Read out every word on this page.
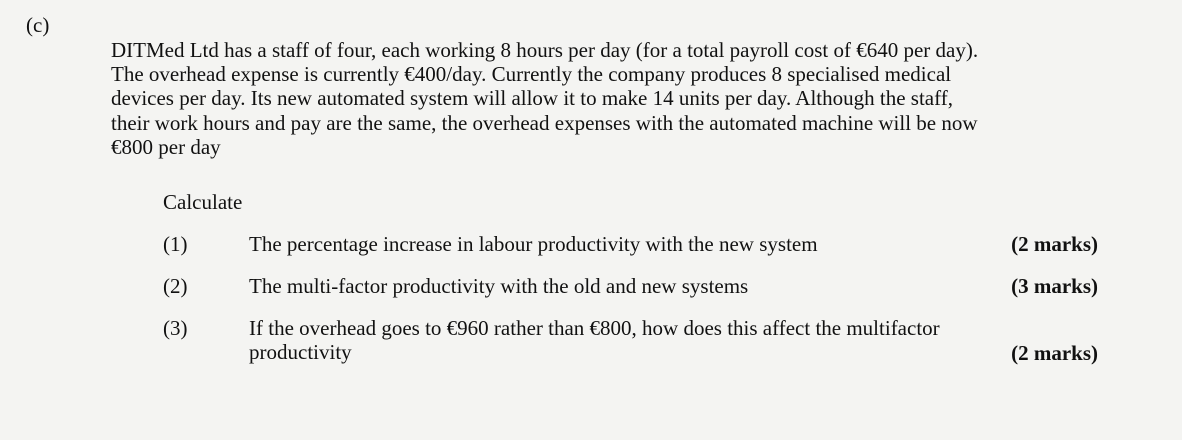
(c)
DITMed Ltd has a staff of four, each working 8 hours per day (for a total payroll cost of €640 per day).
The overhead expense is currently €400/day. Currently the company produces 8 specialised medical
devices per day. Its new automated system will allow it to make 14 units per day. Although the staff,
their work hours and pay are the same, the overhead expenses with the automated machine will be now
€800 per day
Calculate
(1)	The percentage increase in labour productivity with the new system	(2 marks)
(2)	The multi-factor productivity with the old and new systems	(3 marks)
(3)	If the overhead goes to €960 rather than €800, how does this affect the multifactor
productivity	(2 marks)
